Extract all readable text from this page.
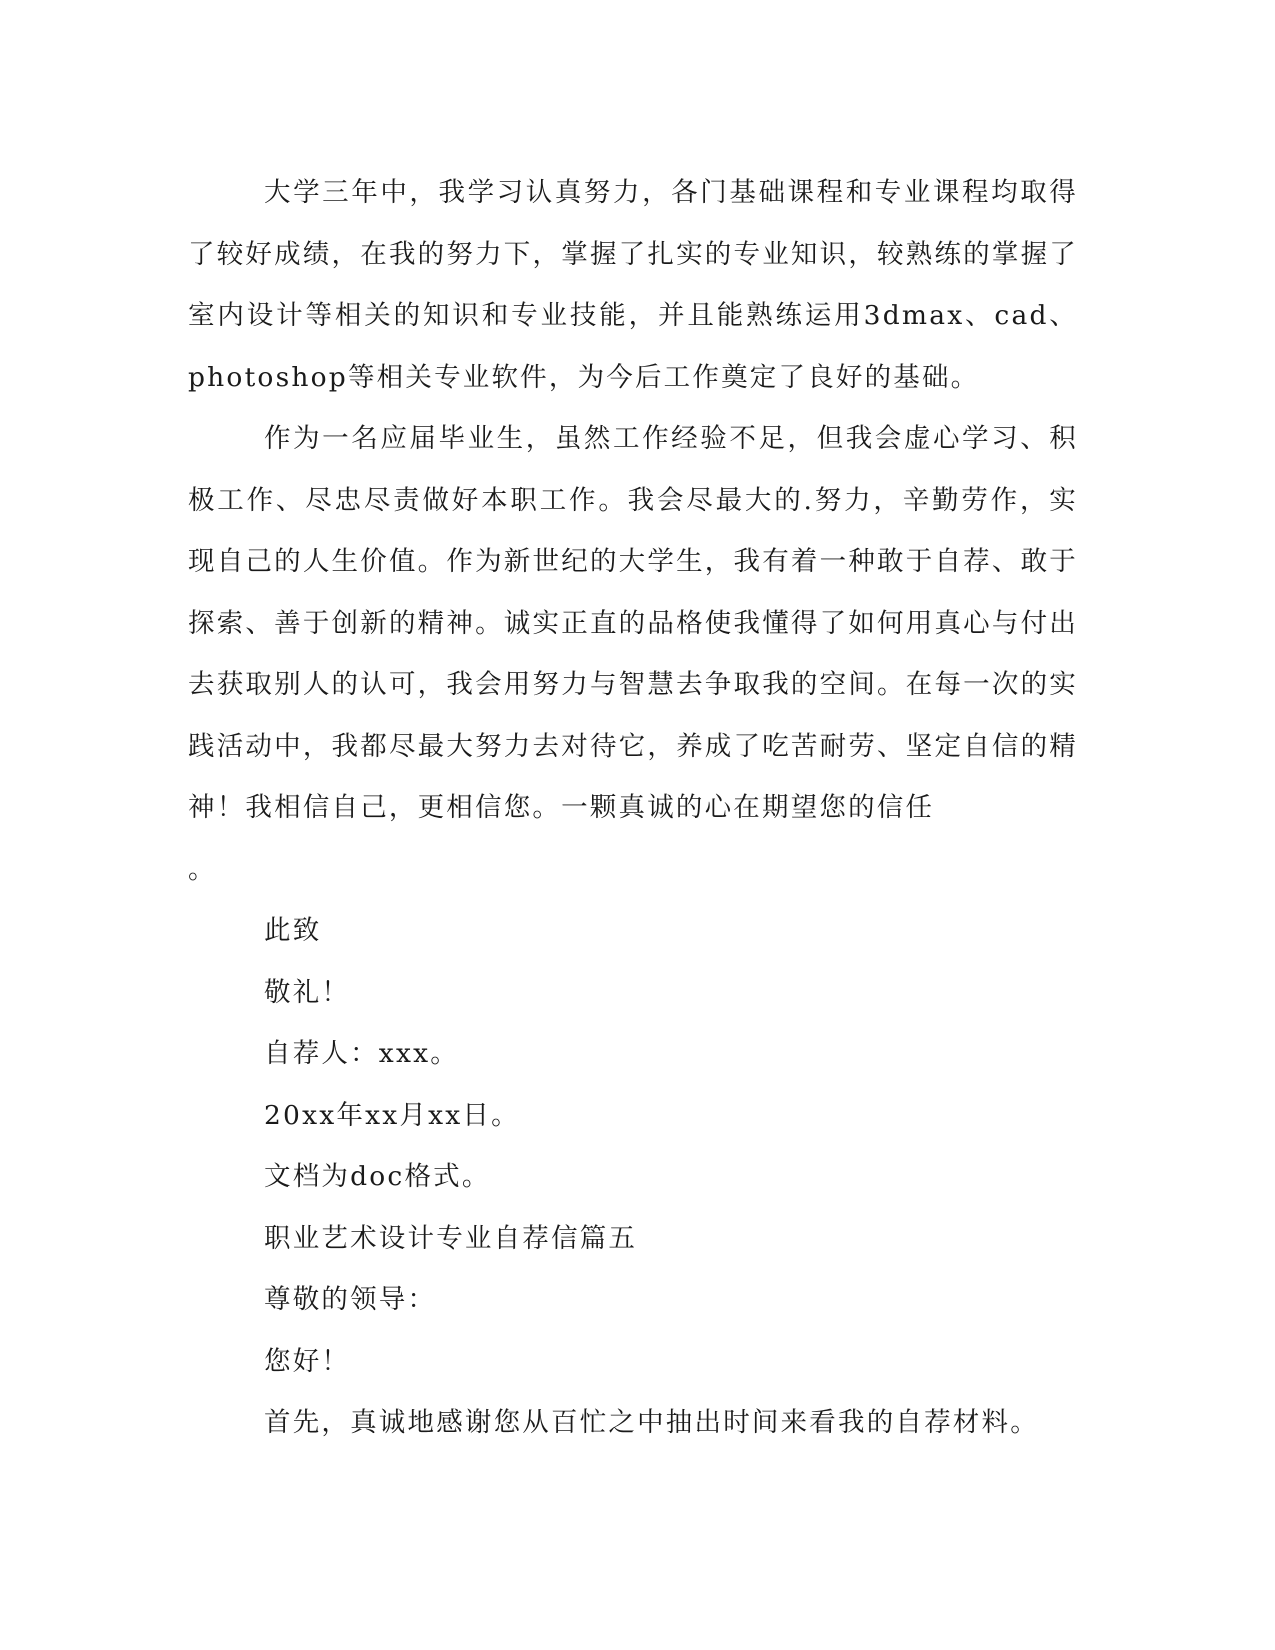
大学三年中，我学习认真努力，各门基础课程和专业课程均取得了较好成绩，在我的努力下，掌握了扎实的专业知识，较熟练的掌握了室内设计等相关的知识和专业技能，并且能熟练运用3dmax、cad、photoshop等相关专业软件，为今后工作奠定了良好的基础。

作为一名应届毕业生，虽然工作经验不足，但我会虚心学习、积极工作、尽忠尽责做好本职工作。我会尽最大的.努力，辛勤劳作，实现自己的人生价值。作为新世纪的大学生，我有着一种敢于自荐、敢于探索、善于创新的精神。诚实正直的品格使我懂得了如何用真心与付出去获取别人的认可，我会用努力与智慧去争取我的空间。在每一次的实践活动中，我都尽最大努力去对待它，养成了吃苦耐劳、坚定自信的精神！我相信自己，更相信您。一颗真诚的心在期望您的信任

。

此致

敬礼！

自荐人：xxx。

20xx年xx月xx日。

文档为doc格式。

职业艺术设计专业自荐信篇五

尊敬的领导：

您好！

首先，真诚地感谢您从百忙之中抽出时间来看我的自荐材料。
